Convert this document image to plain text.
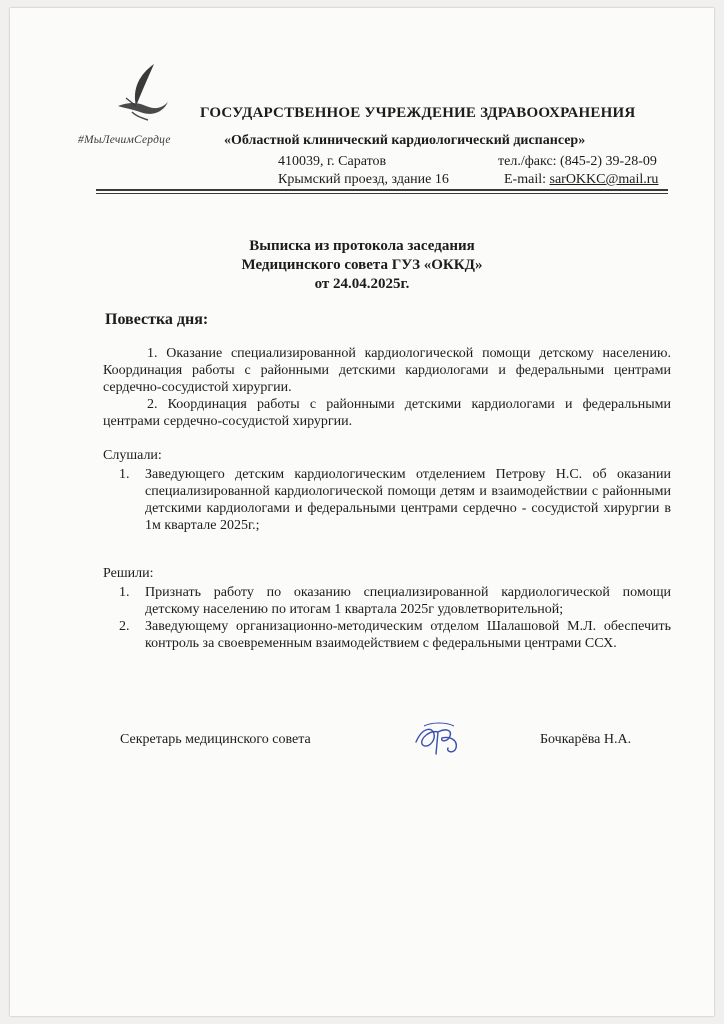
#МыЛечимСердце
ГОСУДАРСТВЕННОЕ УЧРЕЖДЕНИЕ ЗДРАВООХРАНЕНИЯ
«Областной клинический кардиологический диспансер»
410039, г. Саратов
Крымский проезд, здание 16
тел./факс: (845-2) 39-28-09
E-mail: sarOKKC@mail.ru
Выписка из протокола заседания
Медицинского совета ГУЗ «ОККД»
от 24.04.2025г.
Повестка дня:
1. Оказание специализированной кардиологической помощи детскому населению. Координация работы с районными детскими кардиологами и федеральными центрами сердечно-сосудистой хирургии.
2. Координация работы с районными детскими кардиологами и федеральными центрами сердечно-сосудистой хирургии.
Слушали:
1.	Заведующего детским кардиологическим отделением Петрову Н.С. об оказании специализированной кардиологической помощи детям и взаимодействии с районными детскими кардиологами и федеральными центрами сердечно - сосудистой хирургии в 1м квартале 2025г.;
Решили:
1.	Признать работу по оказанию специализированной кардиологической помощи детскому населению по итогам 1 квартала 2025г удовлетворительной;
2.	Заведующему организационно-методическим отделом Шалашовой М.Л. обеспечить контроль за своевременным взаимодействием с федеральными центрами ССХ.
Секретарь медицинского совета	Бочкарёва Н.А.
